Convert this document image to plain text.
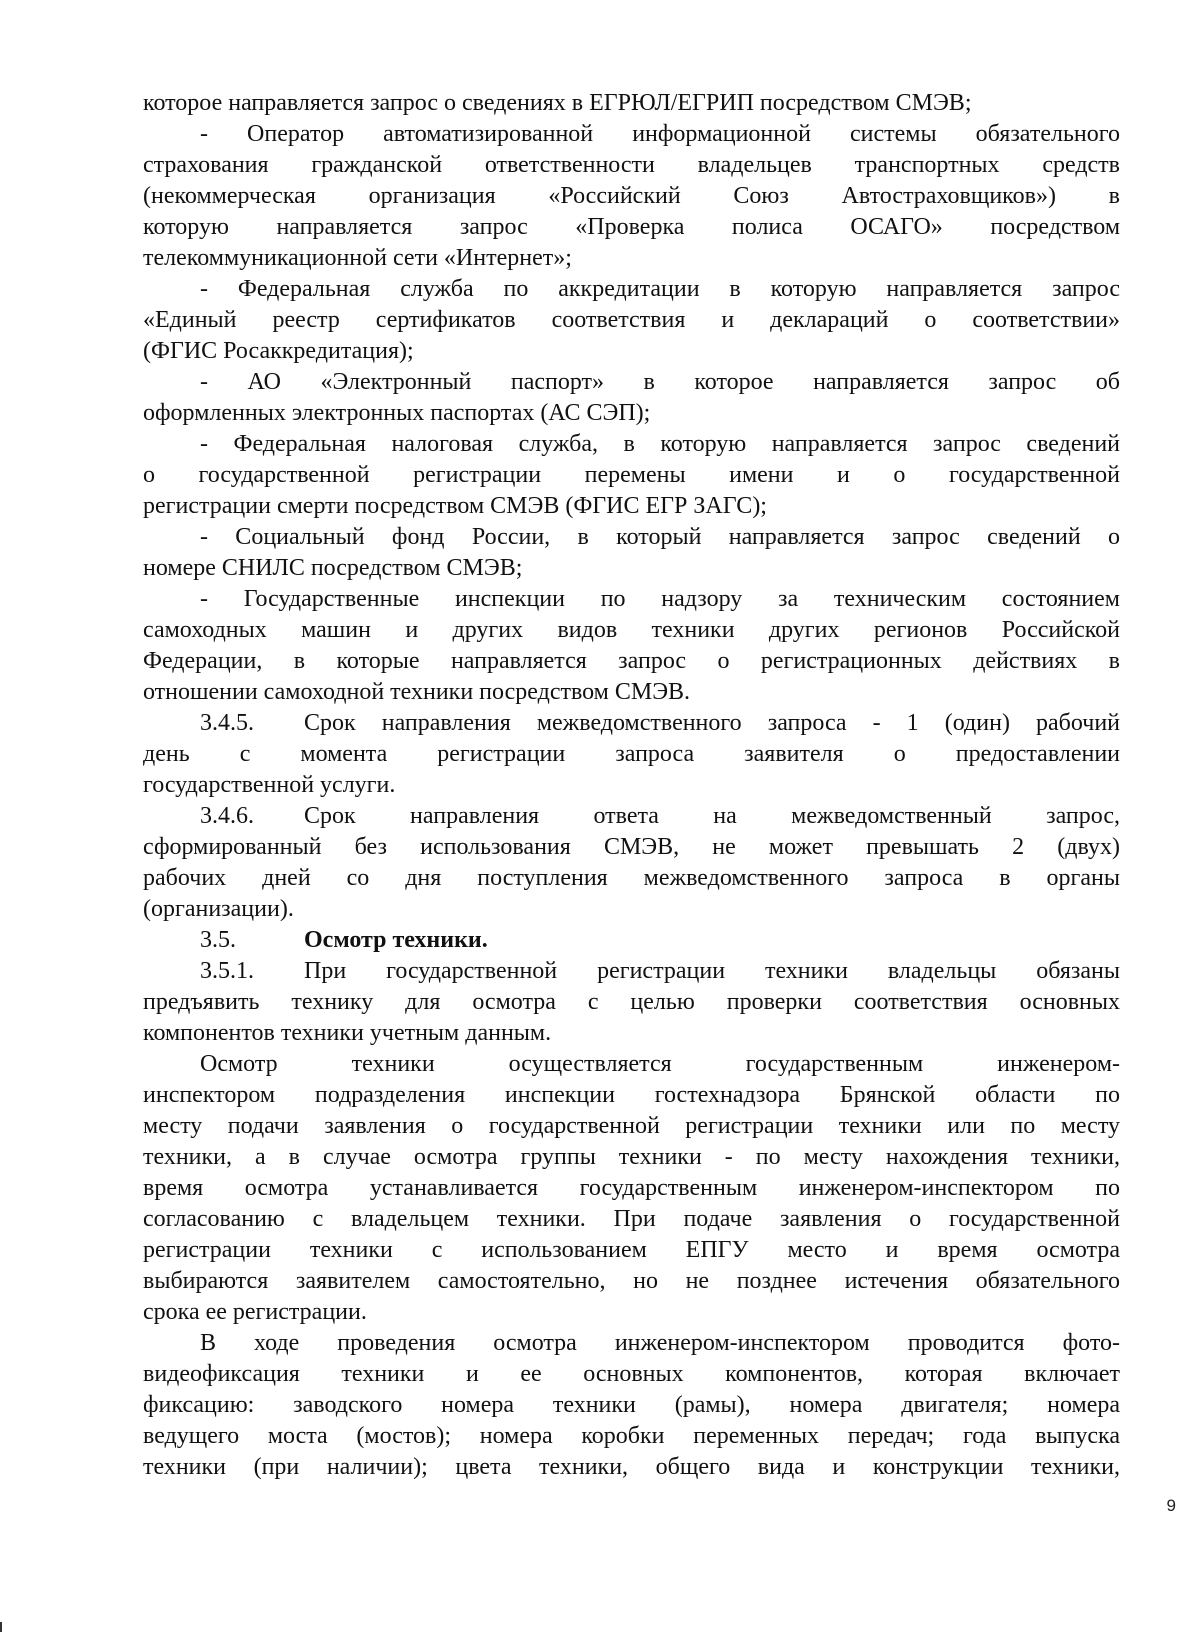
которое направляется запрос о сведениях в ЕГРЮЛ/ЕГРИП посредством СМЭВ;
- Оператор автоматизированной информационной системы обязательного
страхования гражданской ответственности владельцев транспортных средств
(некоммерческая организация «Российский Союз Автостраховщиков») в
которую направляется запрос «Проверка полиса ОСАГО» посредством
телекоммуникационной сети «Интернет»;
- Федеральная служба по аккредитации в которую направляется запрос
«Единый реестр сертификатов соответствия и деклараций о соответствии»
(ФГИС Росаккредитация);
- АО «Электронный паспорт» в которое направляется запрос об
оформленных электронных паспортах (АС СЭП);
- Федеральная налоговая служба, в которую направляется запрос сведений
о государственной регистрации перемены имени и о государственной
регистрации смерти посредством СМЭВ (ФГИС ЕГР ЗАГС);
- Социальный фонд России, в который направляется запрос сведений о
номере СНИЛС посредством СМЭВ;
- Государственные инспекции по надзору за техническим состоянием
самоходных машин и других видов техники других регионов Российской
Федерации, в которые направляется запрос о регистрационных действиях в
отношении самоходной техники посредством СМЭВ.
3.4.5. Срок направления межведомственного запроса - 1 (один) рабочий
день с момента регистрации запроса заявителя о предоставлении
государственной услуги.
3.4.6. Срок направления ответа на межведомственный запрос,
сформированный без использования СМЭВ, не может превышать 2 (двух)
рабочих дней со дня поступления межведомственного запроса в органы
(организации).
3.5.	Осмотр техники.
3.5.1. При государственной регистрации техники владельцы обязаны
предъявить технику для осмотра с целью проверки соответствия основных
компонентов техники учетным данным.
Осмотр техники осуществляется государственным инженером-
инспектором подразделения инспекции гостехнадзора Брянской области по
месту подачи заявления о государственной регистрации техники или по месту
техники, а в случае осмотра группы техники - по месту нахождения техники,
время осмотра устанавливается государственным инженером-инспектором по
согласованию с владельцем техники. При подаче заявления о государственной
регистрации техники с использованием ЕПГУ место и время осмотра
выбираются заявителем самостоятельно, но не позднее истечения обязательного
срока ее регистрации.
В ходе проведения осмотра инженером-инспектором проводится фото-
видеофиксация техники и ее основных компонентов, которая включает
фиксацию: заводского номера техники (рамы), номера двигателя; номера
ведущего моста (мостов); номера коробки переменных передач; года выпуска
техники (при наличии); цвета техники, общего вида и конструкции техники,
9
